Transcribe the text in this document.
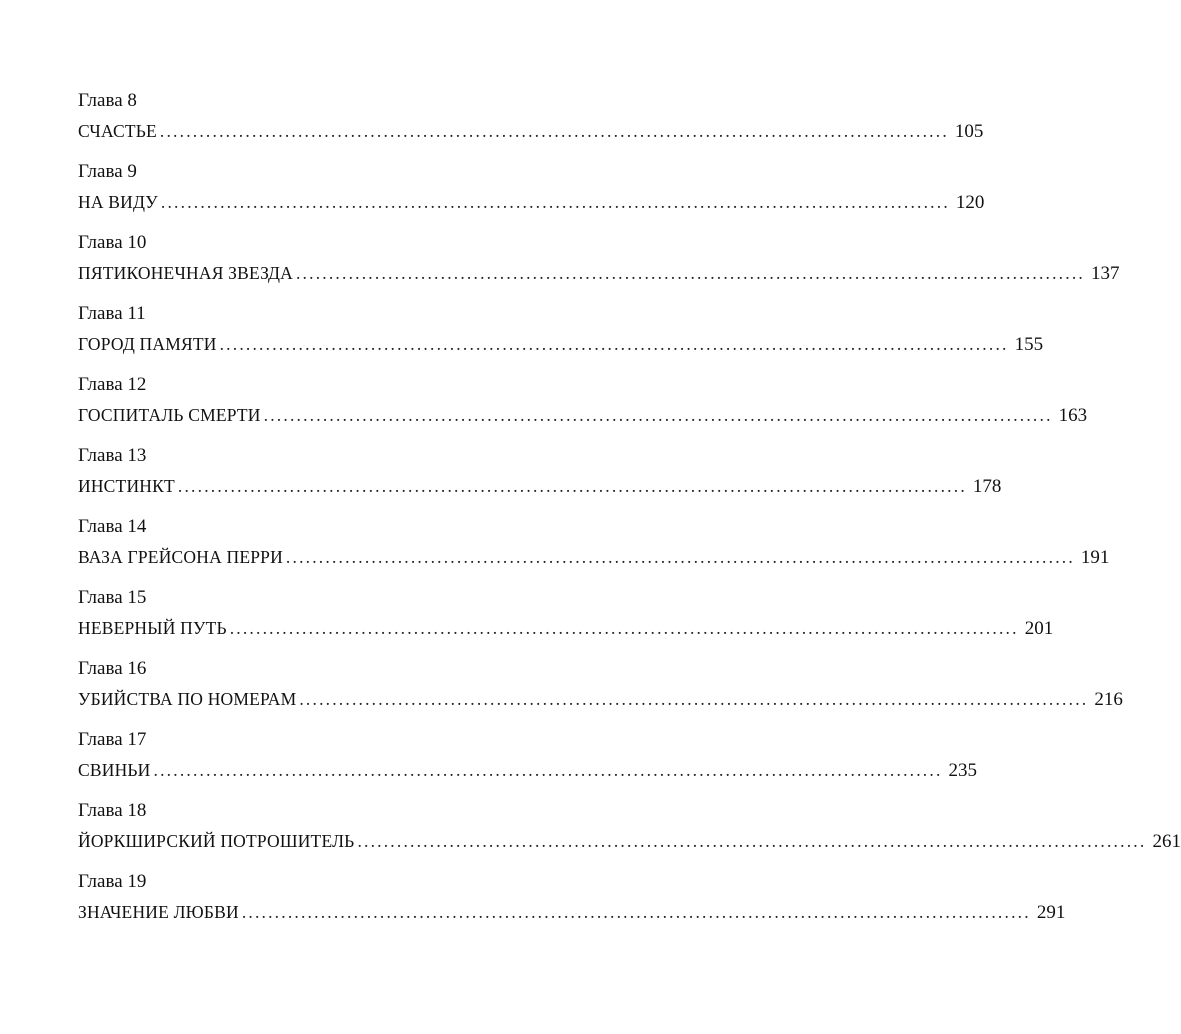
Глава 8
СЧАСТЬЕ ........................................................................................................................ 105
Глава 9
НА ВИДУ ........................................................................................................................ 120
Глава 10
ПЯТИКОНЕЧНАЯ ЗВЕЗДА ........................................................................................................................ 137
Глава 11
ГОРОД ПАМЯТИ ........................................................................................................................ 155
Глава 12
ГОСПИТАЛЬ СМЕРТИ ........................................................................................................................ 163
Глава 13
ИНСТИНКТ ........................................................................................................................ 178
Глава 14
ВАЗА ГРЕЙСОНА ПЕРРИ ........................................................................................................................ 191
Глава 15
НЕВЕРНЫЙ ПУТЬ ........................................................................................................................ 201
Глава 16
УБИЙСТВА ПО НОМЕРАМ ........................................................................................................................ 216
Глава 17
СВИНЬИ ........................................................................................................................ 235
Глава 18
ЙОРКШИРСКИЙ ПОТРОШИТЕЛЬ ........................................................................................................................ 261
Глава 19
ЗНАЧЕНИЕ ЛЮБВИ ........................................................................................................................ 291
